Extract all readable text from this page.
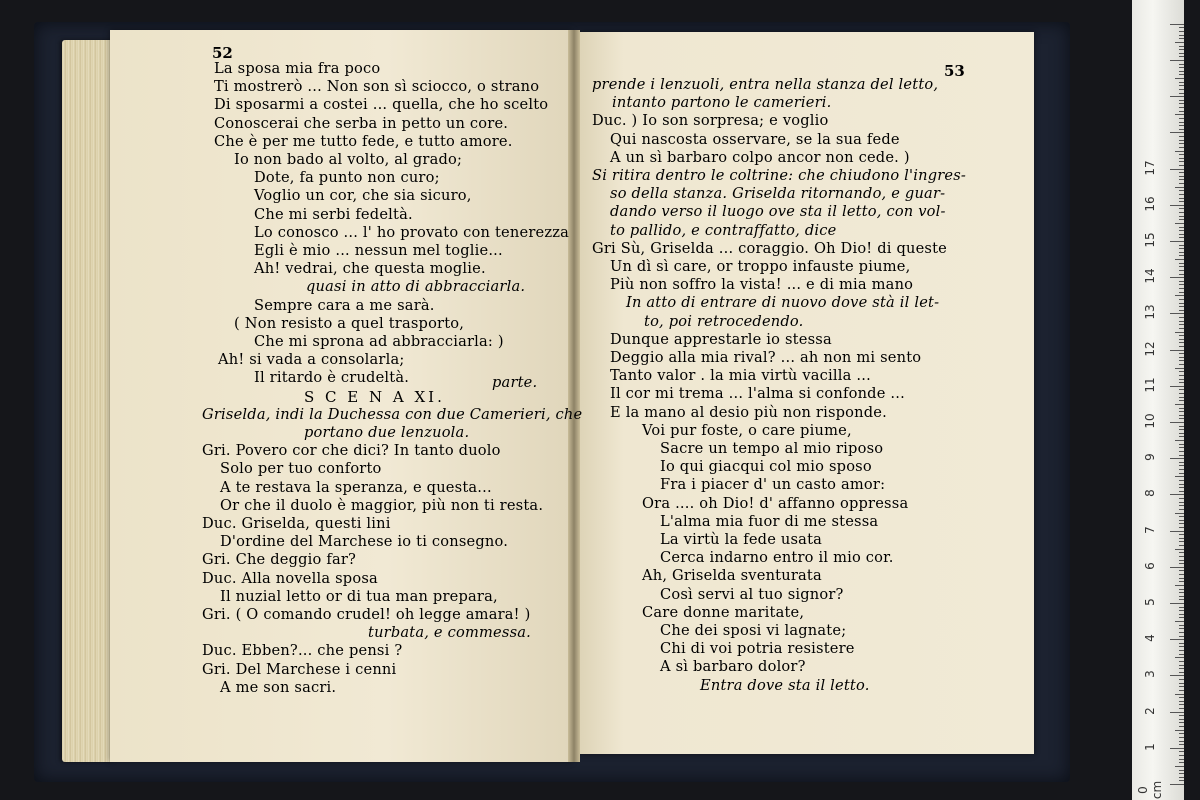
52
53
parte.
La sposa mia fra poco
Ti mostrerò ... Non son sì sciocco, o strano
Di sposarmi a costei ... quella, che ho scelto
Conoscerai che serba in petto un core.
Che è per me tutto fede, e tutto amore.
Io non bado al volto, al grado;
Dote, fa punto non curo;
Voglio un cor, che sia sicuro,
Che mi serbi fedeltà.
Lo conosco ... l' ho provato con tenerezza
Egli è mio ... nessun mel toglie...
Ah! vedrai, che questa moglie.
quasi in atto di abbracciarla.
Sempre cara a me sarà.
( Non resisto a quel trasporto,
Che mi sprona ad abbracciarla: )
Ah! si vada a consolarla;
Il ritardo è crudeltà.
S C E N A XI.
Griselda, indi la Duchessa con due Camerieri, che
portano due lenzuola.
Gri. Povero cor che dici? In tanto duolo
Solo per tuo conforto
A te restava la speranza, e questa...
Or che il duolo è maggior, più non ti resta.
Duc. Griselda, questi lini
D'ordine del Marchese io ti consegno.
Gri. Che deggio far?
Duc. Alla novella sposa
Il nuzial letto or di tua man prepara,
Gri. ( O comando crudel! oh legge amara! )
turbata, e commessa.
Duc. Ebben?... che pensi ?
Gri. Del Marchese i cenni
A me son sacri.
prende i lenzuoli, entra nella stanza del letto,
intanto partono le camerieri.
Duc. ) Io son sorpresa; e voglio
Qui nascosta osservare, se la sua fede
A un sì barbaro colpo ancor non cede. )
Si ritira dentro le coltrine: che chiudono l'ingres-
so della stanza. Griselda ritornando, e guar-
dando verso il luogo ove sta il letto, con vol-
to pallido, e contraffatto, dice
Gri Sù, Griselda ... coraggio. Oh Dio! di queste
Un dì sì care, or troppo infauste piume,
Più non soffro la vista! ... e di mia mano
In atto di entrare di nuovo dove stà il let-
to, poi retrocedendo.
Dunque apprestarle io stessa
Deggio alla mia rival? ... ah non mi sento
Tanto valor . la mia virtù vacilla ...
Il cor mi trema ... l'alma si confonde ...
E la mano al desio più non risponde.
Voi pur foste, o care piume,
Sacre un tempo al mio riposo
Io qui giacqui col mio sposo
Fra i piacer d' un casto amor:
Ora .... oh Dio! d' affanno oppressa
L'alma mia fuor di me stessa
La virtù la fede usata
Cerca indarno entro il mio cor.
Ah, Griselda sventurata
Così servi al tuo signor?
Care donne maritate,
Che dei sposi vi lagnate;
Chi di voi potria resistere
A sì barbaro dolor?
Entra dove sta il letto.
0 cm
1
2
3
4
5
6
7
8
9
10
11
12
13
14
15
16
17
